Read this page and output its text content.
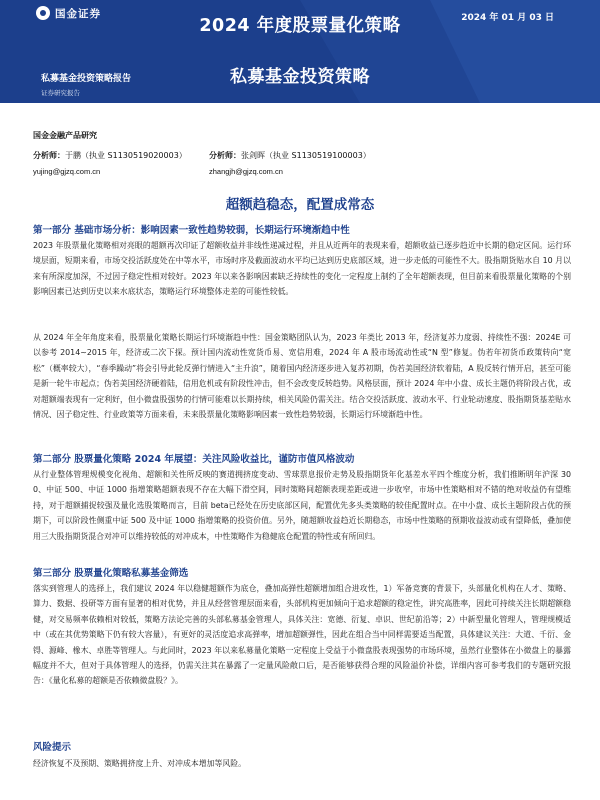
国金证券	2024 年 01 月 03 日
2024 年度股票量化策略
私募基金投资策略
私募基金投资策略报告
证券研究报告
国金金融产品研究
分析师：于鹏（执业 S1130519020003）
yujing@gjzq.com.cn
分析师：张剑晖（执业 S1130519100003）
zhangjh@gjzq.com.cn
超额趋稳态，配置成常态
第一部分 基础市场分析：影响因素一致性趋势较弱，长期运行环境渐趋中性
2023 年股票量化策略相对亮眼的超额再次印证了超额收益并非线性递减过程，并且从近两年的表现来看，超额收益已逐步趋近中长期的稳定区间。运行环境层面，短期来看，市场交投活跃度处在中等水平，市场时序及截面波动水平均已达到历史底部区域，进一步走低的可能性不大。股指期货贴水自 10 月以来有所深度加深，不过因子稳定性相对较好。2023 年以来各影响因素缺乏持续性的变化一定程度上制约了全年超额表现，但目前来看股票量化策略的个别影响因素已达到历史以来水底状态，策略运行环境整体走差的可能性较低。
从 2024 年全年角度来看，股票量化策略长期运行环境渐趋中性：国金策略团队认为，2023 年类比 2013 年，经济复苏力度弱、持续性不强：2024E 可以参考 2014~2015 年，经济或二次下探。预计国内流动性宽货币易、宽信用难，2024 年 A 股市场流动性或“N 型”修复。伪若年初货币政策转向“宽松”（概率较大），“春季躁动”将会引导此轮反弹行情进入“主升浪”，随着国内经济逐步进入复苏初期，伪若美国经济软着陆，A 股反转行情开启，甚至可能是新一轮牛市起点；伪若美国经济硬着陆，信用危机或有阶段性冲击，但不会改变反转趋势。风格层面，预计 2024 年中小盘、成长主题仍将阶段占优，或对超额端表现有一定利好，但小微盘股强势的行情可能难以长期持续，相关风险仍需关注。结合交投活跃度、波动水平、行业轮动速度、股指期货基差贴水情况、因子稳定性、行业政策等方面来看，未来股票量化策略影响因素一致性趋势较弱，长期运行环境渐趋中性。
第二部分 股票量化策略 2024 年展望：关注风险收益比，谨防市值风格波动
从行业整体管理规模变化视角、超额和关性所反映的赛道拥挤度变动、雪球票息报价走势及股指期货年化基差水平四个维度分析，我们推断明年沪深 300、中证 500、中证 1000 指增策略超额表现不存在大幅下滑空间，同时策略间超额表现差距或进一步收窄，市场中性策略相对不错的绝对收益仍有望维持，对于超额捕捉较强及量化选股策略而言，目前 beta已经处在历史底部区间，配置优先多头类策略的较佳配置时点。在中小盘、成长主题阶段占优的预期下，可以阶段性侧重中证 500 及中证 1000 指增策略的投资价值。另外，随超额收益趋近长期稳态，市场中性策略的预期收益波动或有望降低，叠加使用三大股指期货混合对冲可以维持较低的对冲成本，中性策略作为稳健底仓配置的特性或有所回归。
第三部分 股票量化策略私募基金筛选
落实到管理人的选择上，我们建议 2024 年以稳健超额作为底仓，叠加高弹性超额增加组合进攻性，1）军备竞赛的背景下，头部量化机构在人才、策略、算力、数据、投研等方面有显著的相对优势，并且从经营管理层面来看，头部机构更加倾向于追求超额的稳定性，讲究高胜率，因此可持续关注长期超额稳健，对交易频率依赖相对较低，策略方法论完善的头部私募基金管理人，具体关注：宽德、衍复、卓识、世纪前沿等；2）中新型量化管理人，管理规模适中（或在其优势策略下仍有较大容量），有更好的灵活度追求高弹率，增加超额弹性，因此在组合当中同样需要适当配置，具体建议关注：大道、千衍、金锝、源峰、橡木、卓胜等管理人。与此同时，2023 年以来私募量化策略一定程度上受益于小微盘股表现强势的市场环境，虽然行业整体在小微盘上的暴露幅度并不大，但对于具体管理人的选择，仍需关注其在暴露了一定量风险敞口后，是否能够获得合理的风险溢价补偿，详细内容可参考我们的专题研究报告：《量化私募的超额是否依赖微盘股？》。
风险提示
经济恢复不及预期、策略拥挤度上升、对冲成本增加等风险。
